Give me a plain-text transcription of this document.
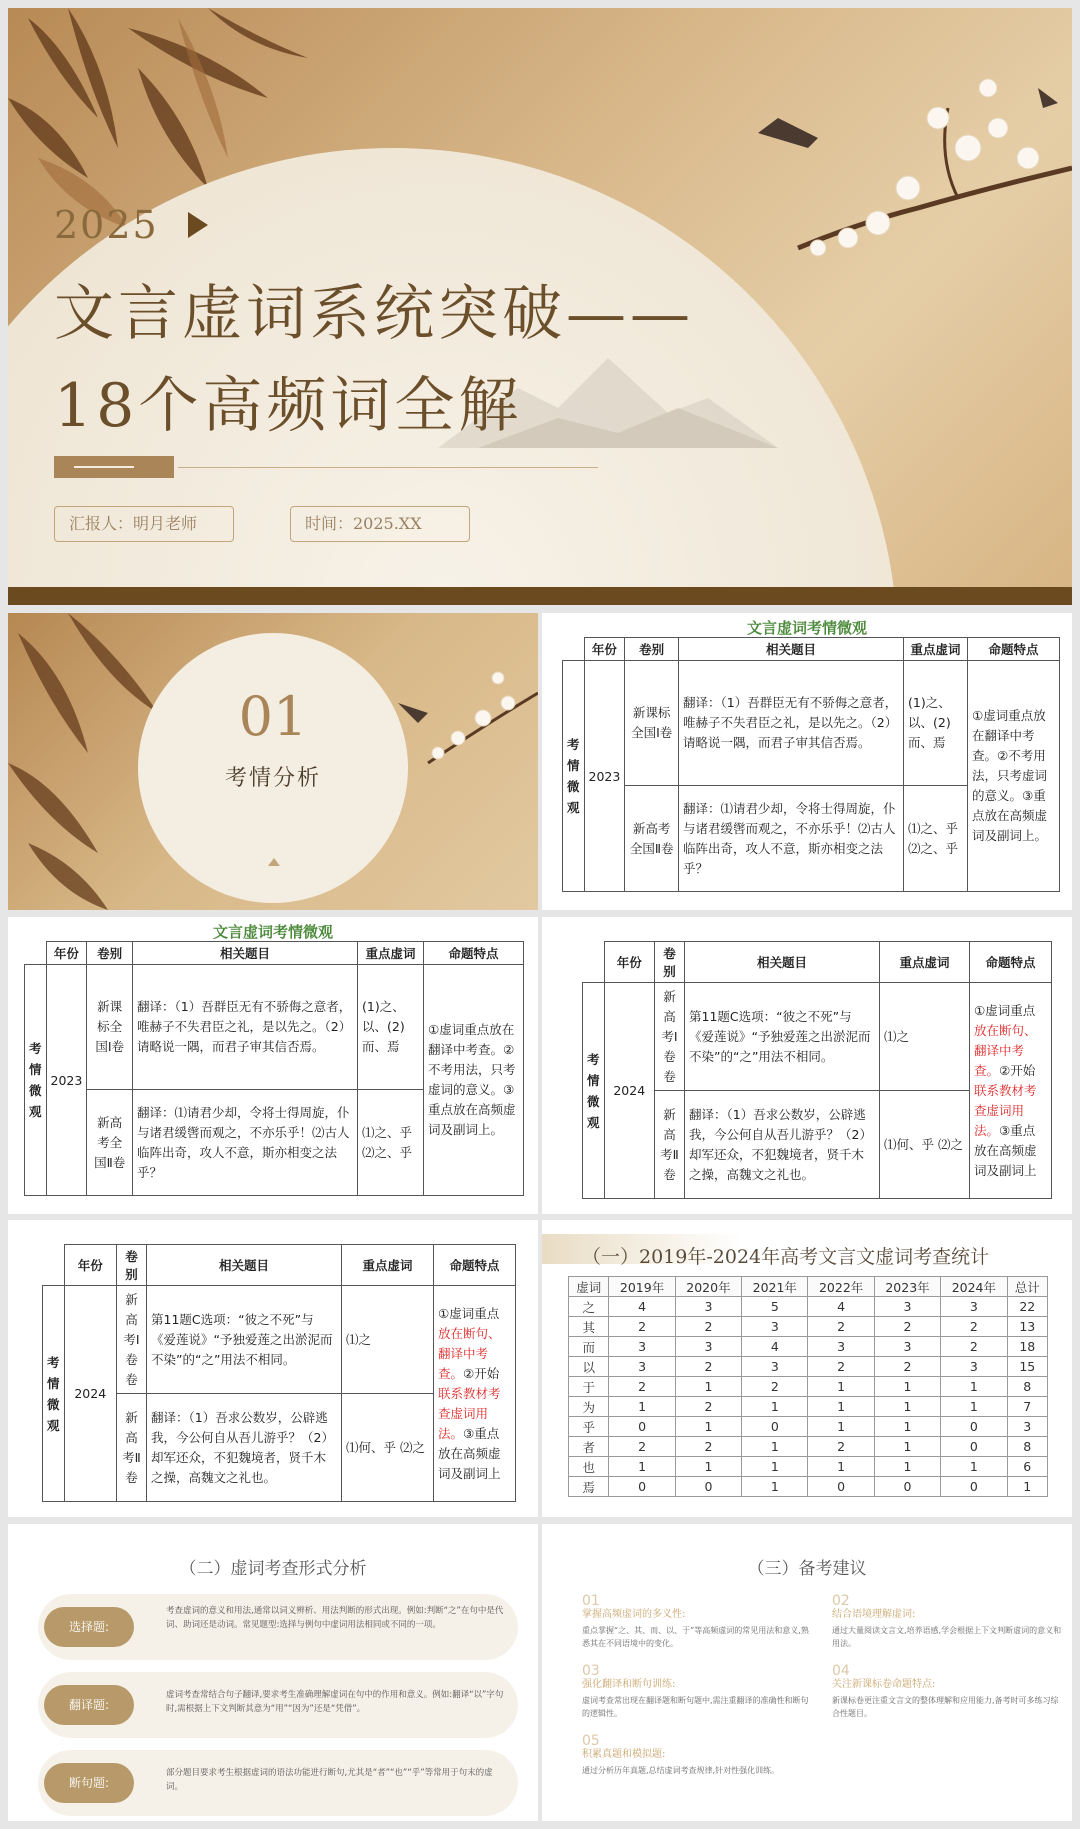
2025
文言虚词系统突破——
18个高频词全解
汇报人：明月老师	时间：2025.XX
01
考情分析
文言虚词考情微观
	年份	卷别	相关题目	重点虚词	命题特点
考情微观	2023	新课标全国Ⅰ卷	翻译：（1）吾群臣无有不骄侮之意者，唯赫子不失君臣之礼，是以先之。（2）请略说一隅，而君子审其信否焉。	(1)之、以、(2)而、焉	①虚词重点放在翻译中考查。②不考用法，只考虚词的意义。③重点放在高频虚词及副词上。
		新高考全国Ⅱ卷	翻译：⑴请君少却，令将士得周旋，仆与诸君缓辔而观之，不亦乐乎！⑵古人临阵出奇，攻人不意，斯亦相变之法乎？	⑴之、乎 ⑵之、乎	
文言虚词考情微观
	年份	卷别	相关题目	重点虚词	命题特点
考情微观	2023	新课标全国Ⅰ卷	翻译：（1）吾群臣无有不骄侮之意者，唯赫子不失君臣之礼，是以先之。（2）请略说一隅，而君子审其信否焉。	(1)之、以、(2)而、焉	①虚词重点放在翻译中考查。②不考用法，只考虚词的意义。③重点放在高频虚词及副词上。
		新高考全国Ⅱ卷	翻译：⑴请君少却，令将士得周旋，仆与诸君缓辔而观之，不亦乐乎！⑵古人临阵出奇，攻人不意，斯亦相变之法乎？	⑴之、乎 ⑵之、乎	
	年份	卷别	相关题目	重点虚词	命题特点
考情微观	2024	新高考Ⅰ卷卷	第11题C选项：“彼之不死”与《爱莲说》“予独爱莲之出淤泥而不染”的“之”用法不相同。	⑴之	①虚词重点放在断句、翻译中考查。②开始联系教材考查虚词用法。③重点放在高频虚词及副词上
		新高考Ⅱ卷	翻译：（1）吾求公数岁，公辟逃我，今公何自从吾儿游乎？（2）却军还众，不犯魏境者，贤千木之操，高魏文之礼也。	⑴何、乎 ⑵之	
	年份	卷别	相关题目	重点虚词	命题特点
考情微观	2024	新高考Ⅰ卷卷	第11题C选项：“彼之不死”与《爱莲说》“予独爱莲之出淤泥而不染”的“之”用法不相同。	⑴之	①虚词重点放在断句、翻译中考查。②开始联系教材考查虚词用法。③重点放在高频虚词及副词上
		新高考Ⅱ卷	翻译：（1）吾求公数岁，公辟逃我，今公何自从吾儿游乎？（2）却军还众，不犯魏境者，贤千木之操，高魏文之礼也。	⑴何、乎 ⑵之	
（一）2019年-2024年高考文言文虚词考查统计
虚词	2019年	2020年	2021年	2022年	2023年	2024年	总计
之	4	3	5	4	3	3	22
其	2	2	3	2	2	2	13
而	3	3	4	3	3	2	18
以	3	2	3	2	2	3	15
于	2	1	2	1	1	1	8
为	1	2	1	1	1	1	7
乎	0	1	0	1	1	0	3
者	2	2	1	2	1	0	8
也	1	1	1	1	1	1	6
焉	0	0	1	0	0	0	1
（二）虚词考查形式分析
选择题:
考查虚词的意义和用法,通常以词义辨析、用法判断的形式出现。例如:判断“之”在句中是代词、助词还是动词。常见题型:选择与例句中虚词用法相同或不同的一项。
翻译题:
虚词考查常结合句子翻译,要求考生准确理解虚词在句中的作用和意义。例如:翻译“以”字句时,需根据上下文判断其意为“用”“因为”还是“凭借”。
断句题:
部分题目要求考生根据虚词的语法功能进行断句,尤其是“者”“也”“乎”等常用于句末的虚词。
（三）备考建议
01
掌握高频虚词的多义性:
重点掌握“之、其、而、以、于”等高频虚词的常见用法和意义,熟悉其在不同语境中的变化。
02
结合语境理解虚词:
通过大量阅读文言文,培养语感,学会根据上下文判断虚词的意义和用法。
03
强化翻译和断句训练:
虚词考查常出现在翻译题和断句题中,需注重翻译的准确性和断句的逻辑性。
04
关注新课标卷命题特点:
新课标卷更注重文言文的整体理解和应用能力,备考时可多练习综合性题目。
05
积累真题和模拟题:
通过分析历年真题,总结虚词考查规律,针对性强化训练。
